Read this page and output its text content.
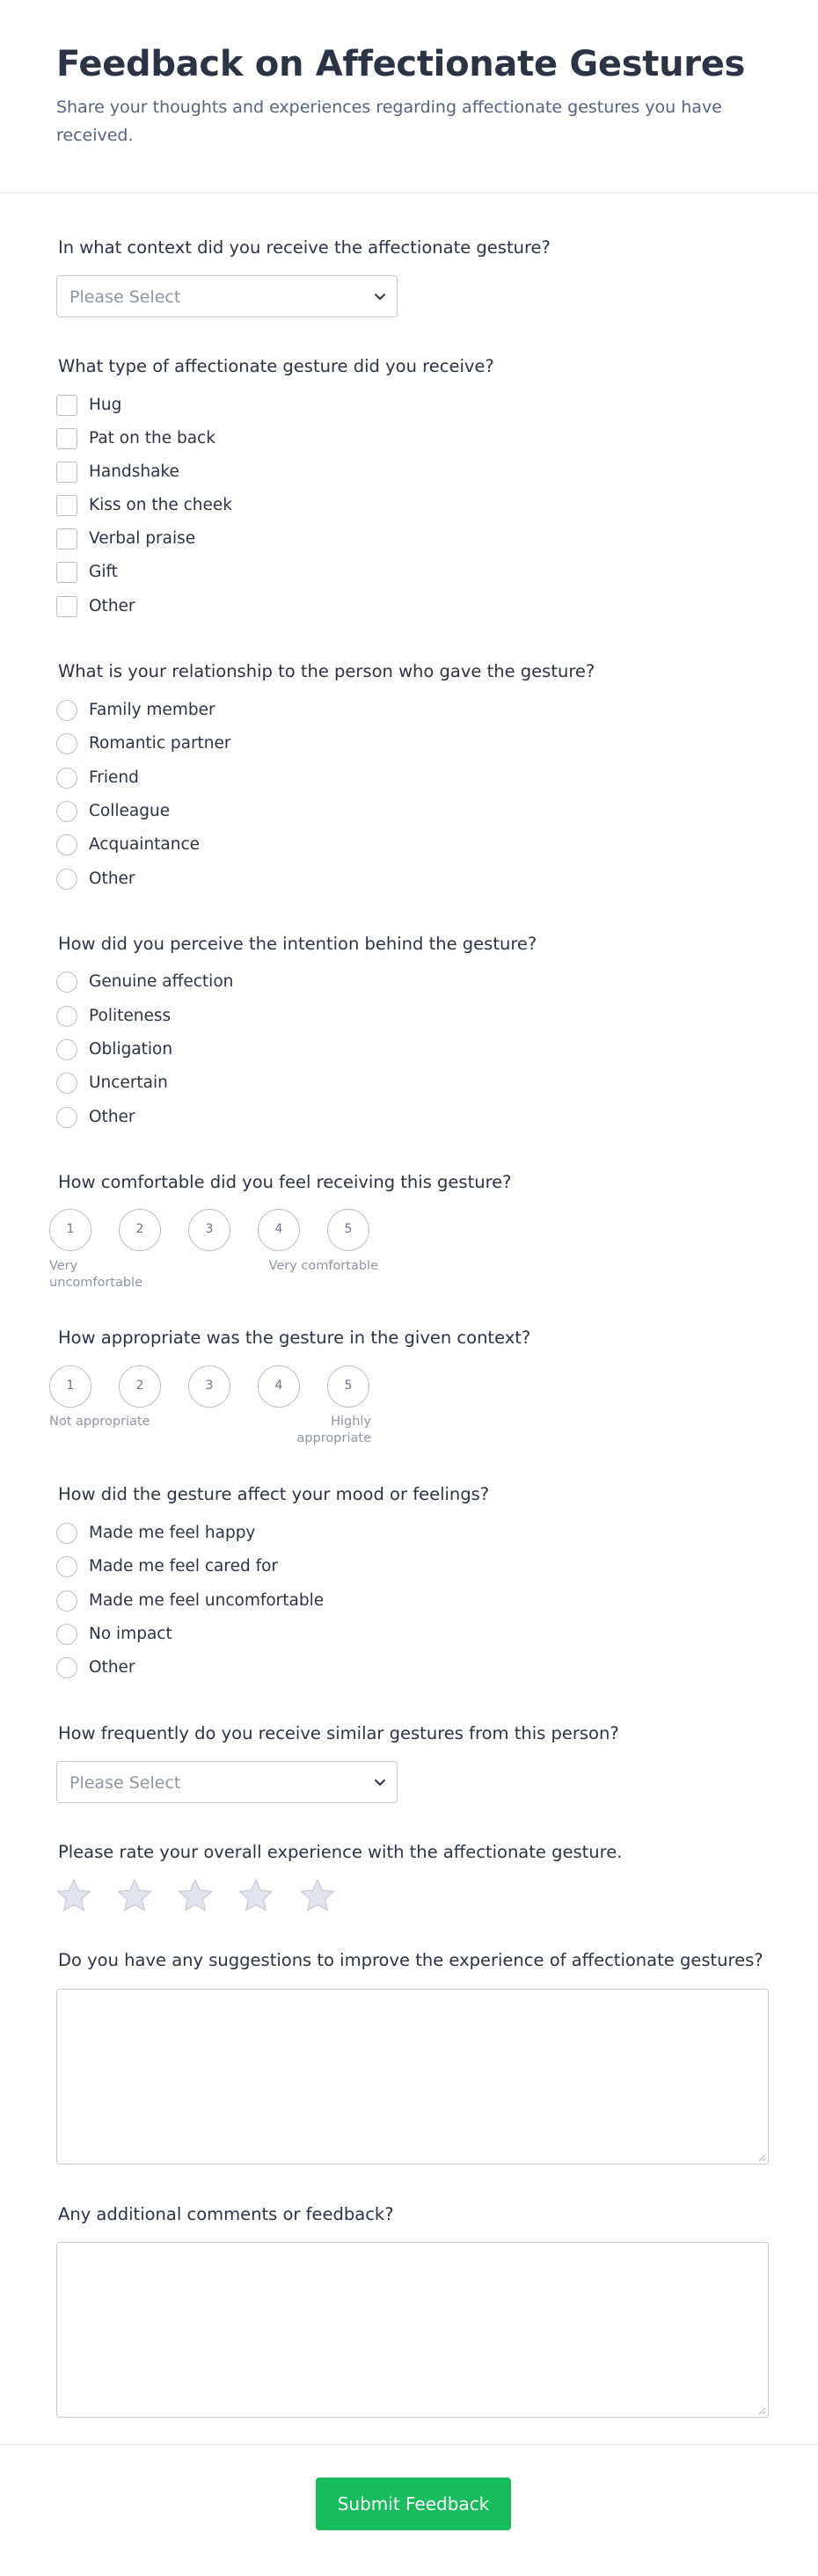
Feedback on Affectionate Gestures

Share your thoughts and experiences regarding affectionate gestures you have received.

In what context did you receive the affectionate gesture?
Please Select
What type of affectionate gesture did you receive?
Hug
Pat on the back
Handshake
Kiss on the cheek
Verbal praise
Gift
Other
What is your relationship to the person who gave the gesture?
Family member
Romantic partner
Friend
Colleague
Acquaintance
Other
How did you perceive the intention behind the gesture?
Genuine affection
Politeness
Obligation
Uncertain
Other
How comfortable did you feel receiving this gesture?
1	2	3	4	5
Very uncomfortable
Very comfortable
How appropriate was the gesture in the given context?
1	2	3	4	5
Not appropriate	Highly appropriate
How did the gesture affect your mood or feelings?
Made me feel happy
Made me feel cared for
Made me feel uncomfortable
No impact
Other
How frequently do you receive similar gestures from this person?
Please Select
Please rate your overall experience with the affectionate gesture.
Do you have any suggestions to improve the experience of affectionate gestures?
Any additional comments or feedback?
Submit Feedback
